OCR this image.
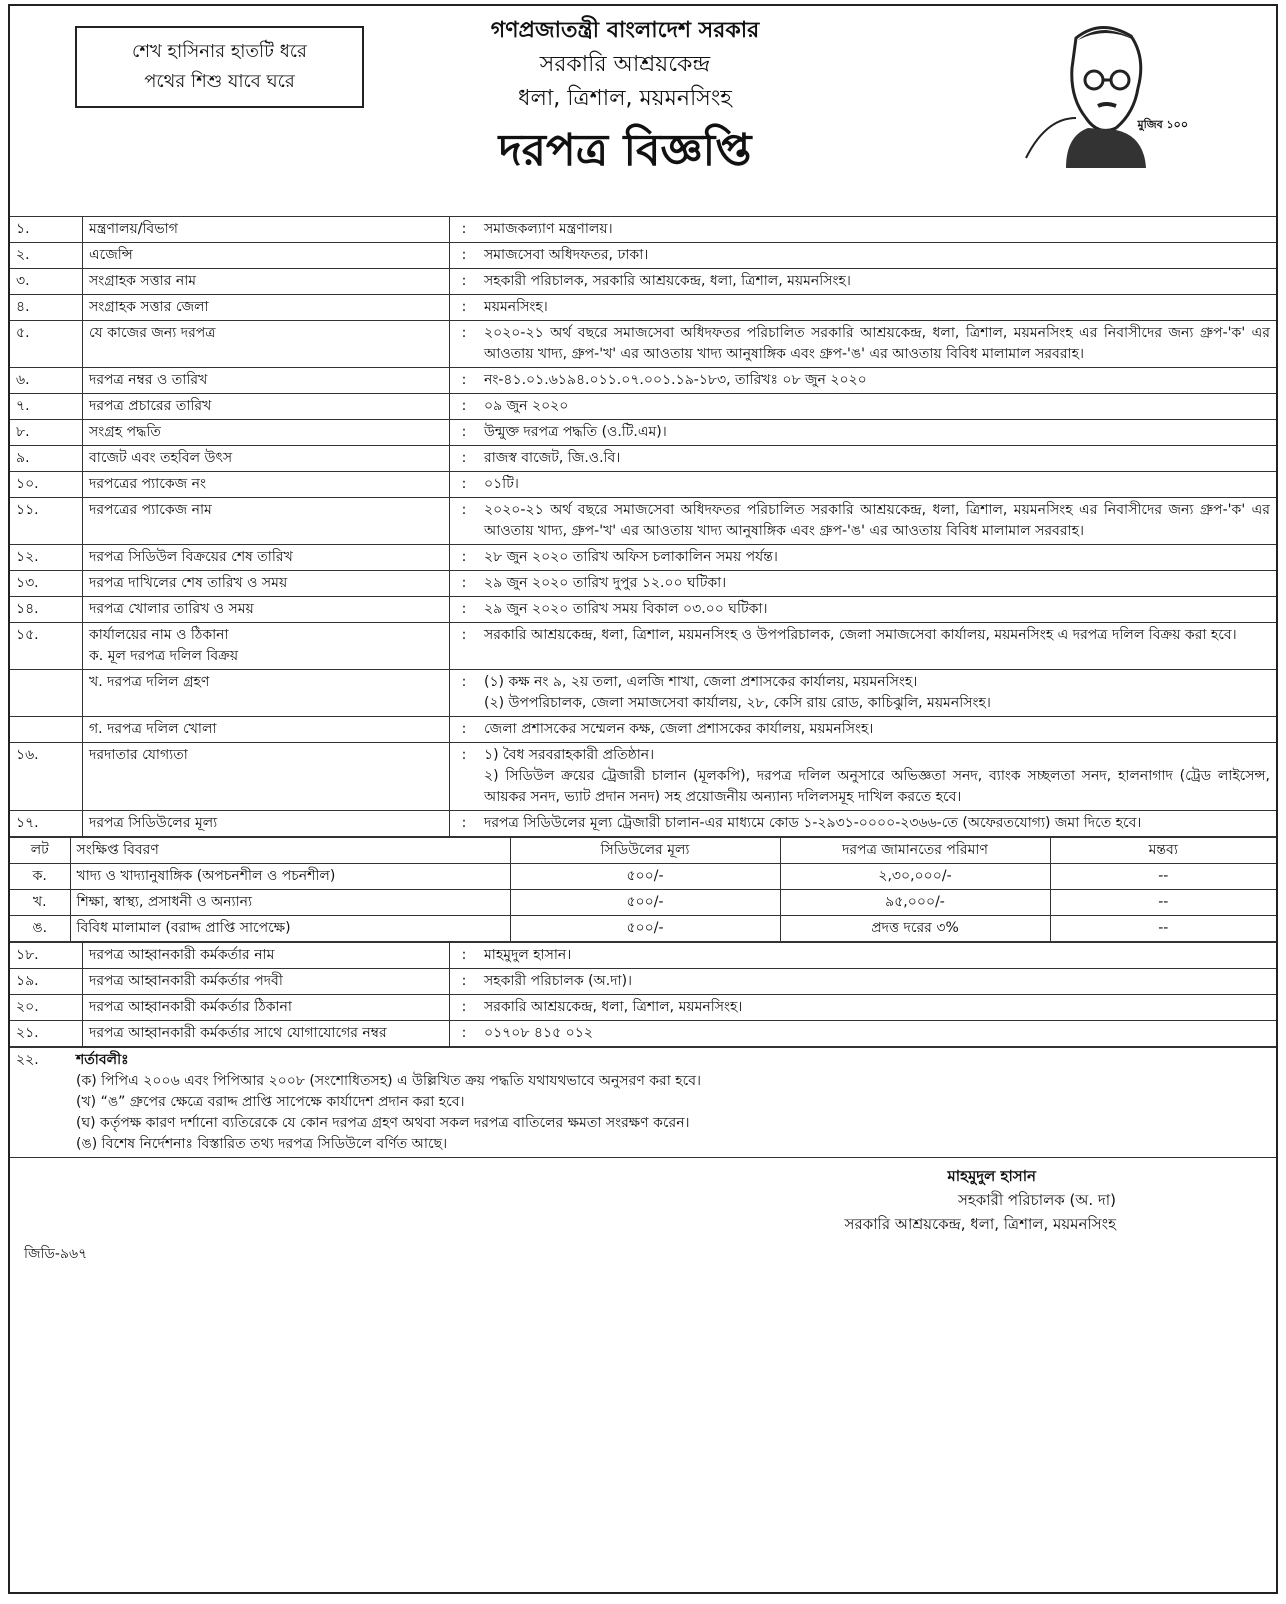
শেখ হাসিনার হাতটি ধরে
পথের শিশু যাবে ঘরে
গণপ্রজাতন্ত্রী বাংলাদেশ সরকার
সরকারি আশ্রয়কেন্দ্র
ধলা, ত্রিশাল, ময়মনসিংহ
দরপত্র বিজ্ঞপ্তি
মুজিব ১০০
১.	মন্ত্রণালয়/বিভাগ	:	সমাজকল্যাণ মন্ত্রণালয়।
২.	এজেন্সি	:	সমাজসেবা অধিদফতর, ঢাকা।
৩.	সংগ্রাহক সত্তার নাম	:	সহকারী পরিচালক, সরকারি আশ্রয়কেন্দ্র, ধলা, ত্রিশাল, ময়মনসিংহ।
৪.	সংগ্রাহক সত্তার জেলা	:	ময়মনসিংহ।
৫.	যে কাজের জন্য দরপত্র	:	২০২০-২১ অর্থ বছরে সমাজসেবা অধিদফতর পরিচালিত সরকারি আশ্রয়কেন্দ্র, ধলা, ত্রিশাল, ময়মনসিংহ এর নিবাসীদের জন্য গ্রুপ-'ক' এর আওতায় খাদ্য, গ্রুপ-'খ' এর আওতায় খাদ্য আনুষাঙ্গিক এবং গ্রুপ-'ঙ' এর আওতায় বিবিধ মালামাল সরবরাহ।
৬.	দরপত্র নম্বর ও তারিখ	:	নং-৪১.০১.৬১৯৪.০১১.০৭.০০১.১৯-১৮৩, তারিখঃ ০৮ জুন ২০২০
৭.	দরপত্র প্রচারের তারিখ	:	০৯ জুন ২০২০
৮.	সংগ্রহ পদ্ধতি	:	উন্মুক্ত দরপত্র পদ্ধতি (ও.টি.এম)।
৯.	বাজেট এবং তহবিল উৎস	:	রাজস্ব বাজেট, জি.ও.বি।
১০.	দরপত্রের প্যাকেজ নং	:	০১টি।
১১.	দরপত্রের প্যাকেজ নাম	:	২০২০-২১ অর্থ বছরে সমাজসেবা অধিদফতর পরিচালিত সরকারি আশ্রয়কেন্দ্র, ধলা, ত্রিশাল, ময়মনসিংহ এর নিবাসীদের জন্য গ্রুপ-'ক' এর আওতায় খাদ্য, গ্রুপ-'খ' এর আওতায় খাদ্য আনুষাঙ্গিক এবং গ্রুপ-'ঙ' এর আওতায় বিবিধ মালামাল সরবরাহ।
১২.	দরপত্র সিডিউল বিক্রয়ের শেষ তারিখ	:	২৮ জুন ২০২০ তারিখ অফিস চলাকালিন সময় পর্যন্ত।
১৩.	দরপত্র দাখিলের শেষ তারিখ ও সময়	:	২৯ জুন ২০২০ তারিখ দুপুর ১২.০০ ঘটিকা।
১৪.	দরপত্র খোলার তারিখ ও সময়	:	২৯ জুন ২০২০ তারিখ সময় বিকাল ০৩.০০ ঘটিকা।
১৫.	কার্যালয়ের নাম ও ঠিকানা
ক. মূল দরপত্র দলিল বিক্রয়	:	সরকারি আশ্রয়কেন্দ্র, ধলা, ত্রিশাল, ময়মনসিংহ ও উপপরিচালক, জেলা সমাজসেবা কার্যালয়, ময়মনসিংহ এ দরপত্র দলিল বিক্রয় করা হবে।
	খ. দরপত্র দলিল গ্রহণ	:	(১) কক্ষ নং ৯, ২য় তলা, এলজি শাখা, জেলা প্রশাসকের কার্যালয়, ময়মনসিংহ।
(২) উপপরিচালক, জেলা সমাজসেবা কার্যালয়, ২৮, কেসি রায় রোড, কাচিঝুলি, ময়মনসিংহ।

	গ. দরপত্র দলিল খোলা	:	জেলা প্রশাসকের সম্মেলন কক্ষ, জেলা প্রশাসকের কার্যালয়, ময়মনসিংহ।
১৬.	দরদাতার যোগ্যতা	:	১) বৈধ সরবরাহকারী প্রতিষ্ঠান।
২) সিডিউল ক্রয়ের ট্রেজারী চালান (মূলকপি), দরপত্র দলিল অনুসারে অভিজ্ঞতা সনদ, ব্যাংক সচ্ছলতা সনদ, হালনাগাদ (ট্রেড লাইসেন্স, আয়কর সনদ, ভ্যাট প্রদান সনদ) সহ প্রয়োজনীয় অন্যান্য দলিলসমূহ দাখিল করতে হবে।

১৭.	দরপত্র সিডিউলের মূল্য	:	দরপত্র সিডিউলের মূল্য ট্রেজারী চালান-এর মাধ্যমে কোড ১-২৯৩১-০০০০-২৩৬৬-তে (অফেরতযোগ্য) জমা দিতে হবে।
লট	সংক্ষিপ্ত বিবরণ	সিডিউলের মূল্য	দরপত্র জামানতের পরিমাণ	মন্তব্য
ক.	খাদ্য ও খাদ্যানুষাঙ্গিক (অপচনশীল ও পচনশীল)	৫০০/-	২,৩০,০০০/-	--
খ.	শিক্ষা, স্বাস্থ্য, প্রসাধনী ও অন্যান্য	৫০০/-	৯৫,০০০/-	--
ঙ.	বিবিধ মালামাল (বরাদ্দ প্রাপ্তি সাপেক্ষে)	৫০০/-	প্রদত্ত দরের ৩%	--
১৮.	দরপত্র আহ্বানকারী কর্মকর্তার নাম	:	মাহমুদুল হাসান।
১৯.	দরপত্র আহ্বানকারী কর্মকর্তার পদবী	:	সহকারী পরিচালক (অ.দা)।
২০.	দরপত্র আহ্বানকারী কর্মকর্তার ঠিকানা	:	সরকারি আশ্রয়কেন্দ্র, ধলা, ত্রিশাল, ময়মনসিংহ।
২১.	দরপত্র আহ্বানকারী কর্মকর্তার সাথে যোগাযোগের নম্বর	:	০১৭০৮ ৪১৫ ০১২
২২.	শর্তাবলীঃ
(ক) পিপিএ ২০০৬ এবং পিপিআর ২০০৮ (সংশোধিতসহ) এ উল্লিখিত ক্রয় পদ্ধতি যথাযথভাবে অনুসরণ করা হবে।
(খ) “ঙ” গ্রুপের ক্ষেত্রে বরাদ্দ প্রাপ্তি সাপেক্ষে কার্যাদেশ প্রদান করা হবে।
(ঘ) কর্তৃপক্ষ কারণ দর্শানো ব্যতিরেকে যে কোন দরপত্র গ্রহণ অথবা সকল দরপত্র বাতিলের ক্ষমতা সংরক্ষণ করেন।
(ঙ) বিশেষ নির্দেশনাঃ বিস্তারিত তথ্য দরপত্র সিডিউলে বর্ণিত আছে।
মাহমুদুল হাসান
সহকারী পরিচালক (অ. দা)
সরকারি আশ্রয়কেন্দ্র, ধলা, ত্রিশাল, ময়মনসিংহ
জিডি-৯৬৭
